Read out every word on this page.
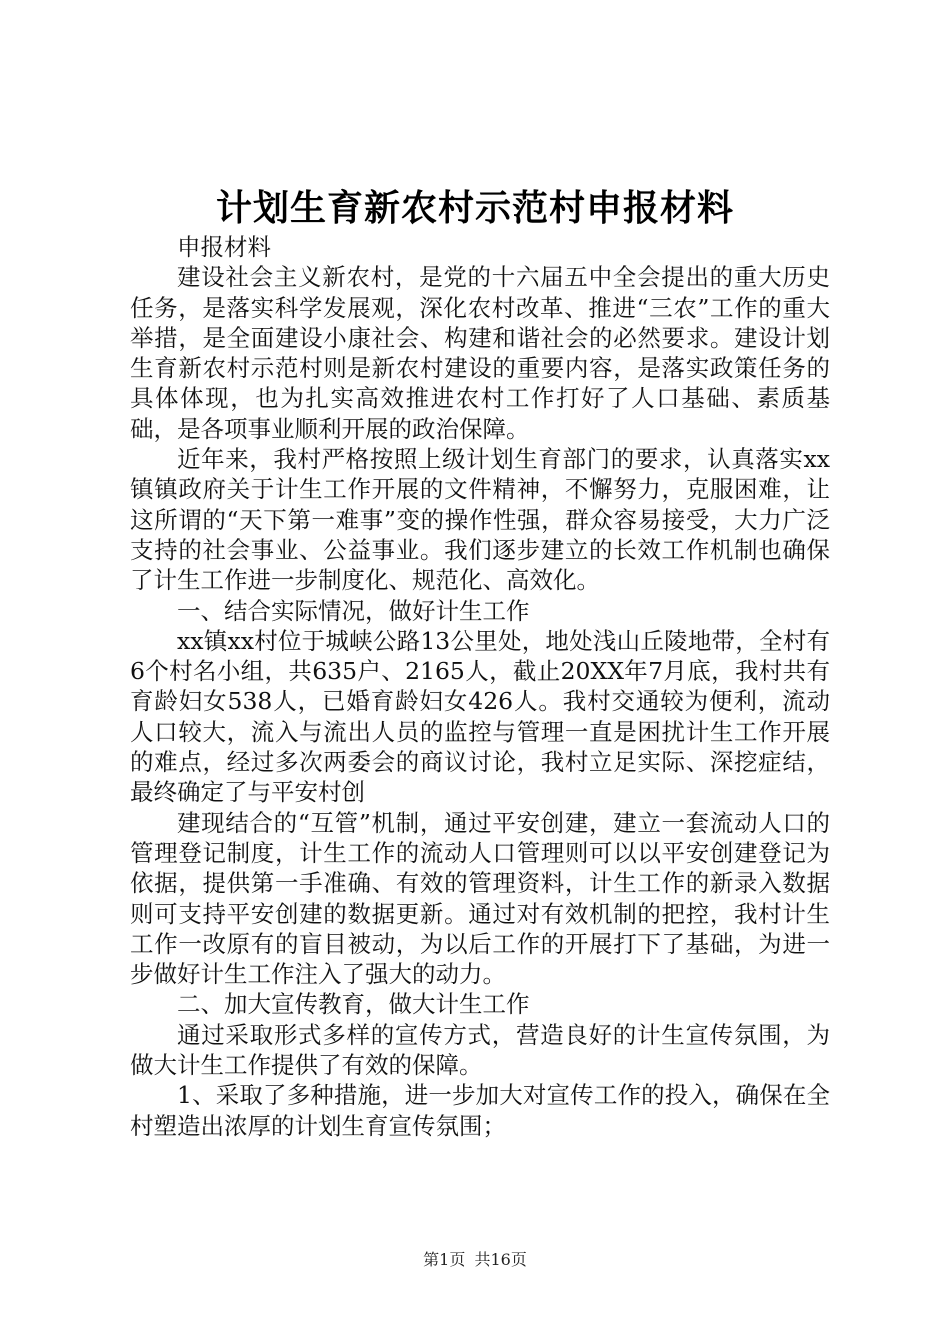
计划生育新农村示范村申报材料

申报材料

建设社会主义新农村，是党的十六届五中全会提出的重大历史任务，是落实科学发展观，深化农村改革、推进“三农”工作的重大举措，是全面建设小康社会、构建和谐社会的必然要求。建设计划生育新农村示范村则是新农村建设的重要内容，是落实政策任务的具体体现，也为扎实高效推进农村工作打好了人口基础、素质基础，是各项事业顺利开展的政治保障。

近年来，我村严格按照上级计划生育部门的要求，认真落实xx镇镇政府关于计生工作开展的文件精神，不懈努力，克服困难，让这所谓的“天下第一难事”变的操作性强，群众容易接受，大力广泛支持的社会事业、公益事业。我们逐步建立的长效工作机制也确保了计生工作进一步制度化、规范化、高效化。

一、结合实际情况，做好计生工作

xx镇xx村位于城峡公路13公里处，地处浅山丘陵地带，全村有6个村名小组，共635户、2165人，截止20XX年7月底，我村共有育龄妇女538人，已婚育龄妇女426人。我村交通较为便利，流动人口较大，流入与流出人员的监控与管理一直是困扰计生工作开展的难点，经过多次两委会的商议讨论，我村立足实际、深挖症结，最终确定了与平安村创

建现结合的“互管”机制，通过平安创建，建立一套流动人口的管理登记制度，计生工作的流动人口管理则可以以平安创建登记为依据，提供第一手准确、有效的管理资料，计生工作的新录入数据则可支持平安创建的数据更新。通过对有效机制的把控，我村计生工作一改原有的盲目被动，为以后工作的开展打下了基础，为进一步做好计生工作注入了强大的动力。

二、加大宣传教育，做大计生工作

通过采取形式多样的宣传方式，营造良好的计生宣传氛围，为做大计生工作提供了有效的保障。

1、采取了多种措施，进一步加大对宣传工作的投入，确保在全村塑造出浓厚的计划生育宣传氛围；

第1页 共16页
